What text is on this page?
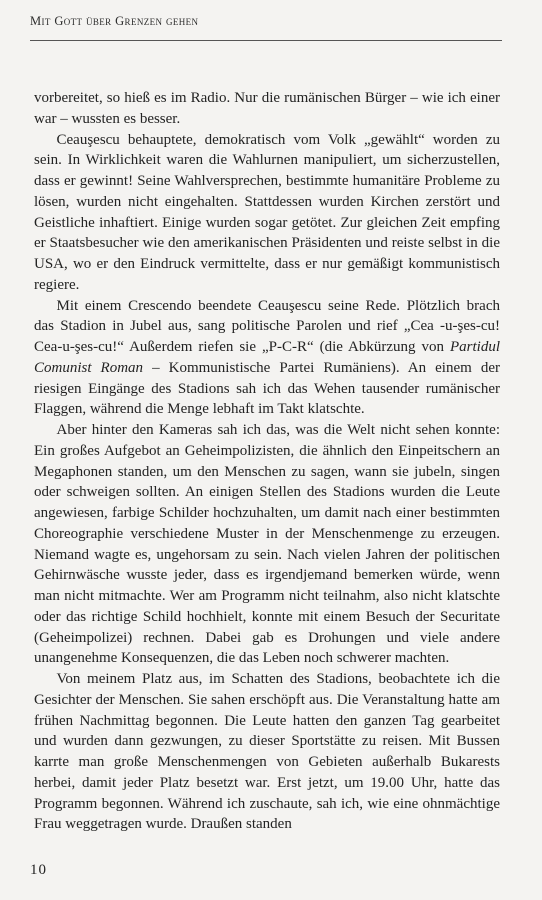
Mit Gott über Grenzen gehen

vorbereitet, so hieß es im Radio. Nur die rumänischen Bürger – wie ich einer war – wussten es besser.

Ceauşescu behauptete, demokratisch vom Volk „gewählt“ worden zu sein. In Wirklichkeit waren die Wahlurnen manipuliert, um sicherzustellen, dass er gewinnt! Seine Wahlversprechen, bestimmte humanitäre Probleme zu lösen, wurden nicht eingehalten. Stattdessen wurden Kirchen zerstört und Geistliche inhaftiert. Einige wurden sogar getötet. Zur gleichen Zeit empfing er Staatsbesucher wie den amerikanischen Präsidenten und reiste selbst in die USA, wo er den Eindruck vermittelte, dass er nur gemäßigt kommunistisch regiere.

Mit einem Crescendo beendete Ceauşescu seine Rede. Plötzlich brach das Stadion in Jubel aus, sang politische Parolen und rief „Cea -u-şes-cu! Cea-u-şes-cu!“ Außerdem riefen sie „P-C-R“ (die Abkürzung von Partidul Comunist Roman – Kommunistische Partei Rumäniens). An einem der riesigen Eingänge des Stadions sah ich das Wehen tausender rumänischer Flaggen, während die Menge lebhaft im Takt klatschte.

Aber hinter den Kameras sah ich das, was die Welt nicht sehen konnte: Ein großes Aufgebot an Geheimpolizisten, die ähnlich den Einpeitschern an Megaphonen standen, um den Menschen zu sagen, wann sie jubeln, singen oder schweigen sollten. An einigen Stellen des Stadions wurden die Leute angewiesen, farbige Schilder hochzuhalten, um damit nach einer bestimmten Choreographie verschiedene Muster in der Menschenmenge zu erzeugen. Niemand wagte es, ungehorsam zu sein. Nach vielen Jahren der politischen Gehirnwäsche wusste jeder, dass es irgendjemand bemerken würde, wenn man nicht mitmachte. Wer am Programm nicht teilnahm, also nicht klatschte oder das richtige Schild hochhielt, konnte mit einem Besuch der Securitate (Geheimpolizei) rechnen. Dabei gab es Drohungen und viele andere unangenehme Konsequenzen, die das Leben noch schwerer machten.

Von meinem Platz aus, im Schatten des Stadions, beobachtete ich die Gesichter der Menschen. Sie sahen erschöpft aus. Die Veranstaltung hatte am frühen Nachmittag begonnen. Die Leute hatten den ganzen Tag gearbeitet und wurden dann gezwungen, zu dieser Sportstätte zu reisen. Mit Bussen karrte man große Menschenmengen von Gebieten außerhalb Bukarests herbei, damit jeder Platz besetzt war. Erst jetzt, um 19.00 Uhr, hatte das Programm begonnen. Während ich zuschaute, sah ich, wie eine ohnmächtige Frau weggetragen wurde. Draußen standen

10
